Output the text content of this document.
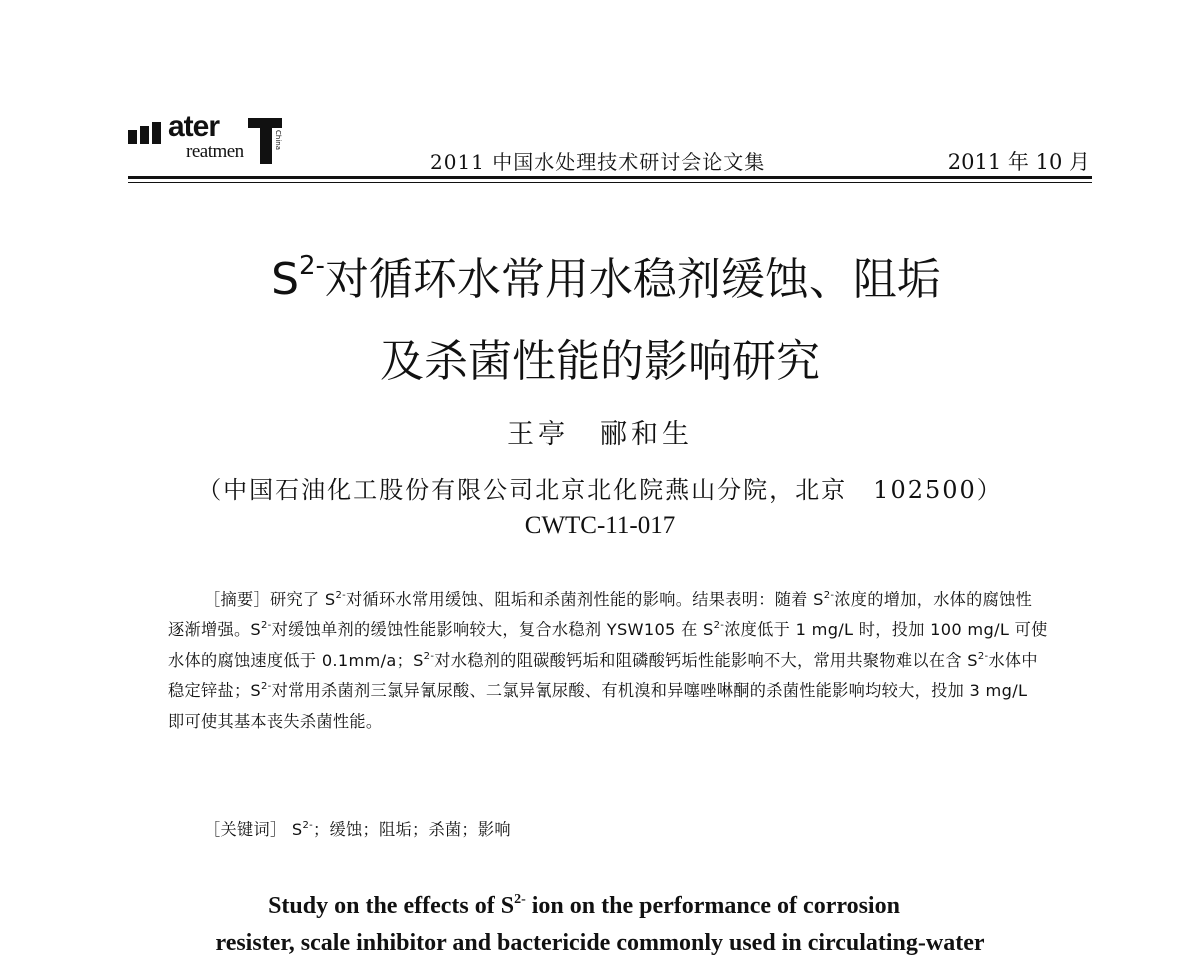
ater
reatmen
China
2011 中国水处理技术研讨会论文集	2011 年 10 月
$S^{2-}$对循环水常用水稳剂缓蚀、阻垢
及杀菌性能的影响研究
王亭　郦和生
（中国石油化工股份有限公司北京北化院燕山分院，北京　102500）
CWTC-11-017
［摘要］研究了 $S^{2-}$对循环水常用缓蚀、阻垢和杀菌剂性能的影响。结果表明：随着 $S^{2-}$浓度的增加，水体的腐蚀性逐渐增强。$S^{2-}$对缓蚀单剂的缓蚀性能影响较大，复合水稳剂 YSW105 在 $S^{2-}$浓度低于 1 mg/L 时，投加 100 mg/L 可使水体的腐蚀速度低于 0.1mm/a；$S^{2-}$对水稳剂的阻碳酸钙垢和阻磷酸钙垢性能影响不大，常用共聚物难以在含 $S^{2-}$水体中稳定锌盐；$S^{2-}$对常用杀菌剂三氯异氰尿酸、二氯异氰尿酸、有机溴和异噻唑啉酮的杀菌性能影响均较大，投加 3 mg/L 即可使其基本丧失杀菌性能。
［关键词］ $S^{2-}$；缓蚀；阻垢；杀菌；影响
Study on the effects of $S^{2-}$ ion on the performance of corrosion
resister, scale inhibitor and bactericide commonly used in circulating-water
